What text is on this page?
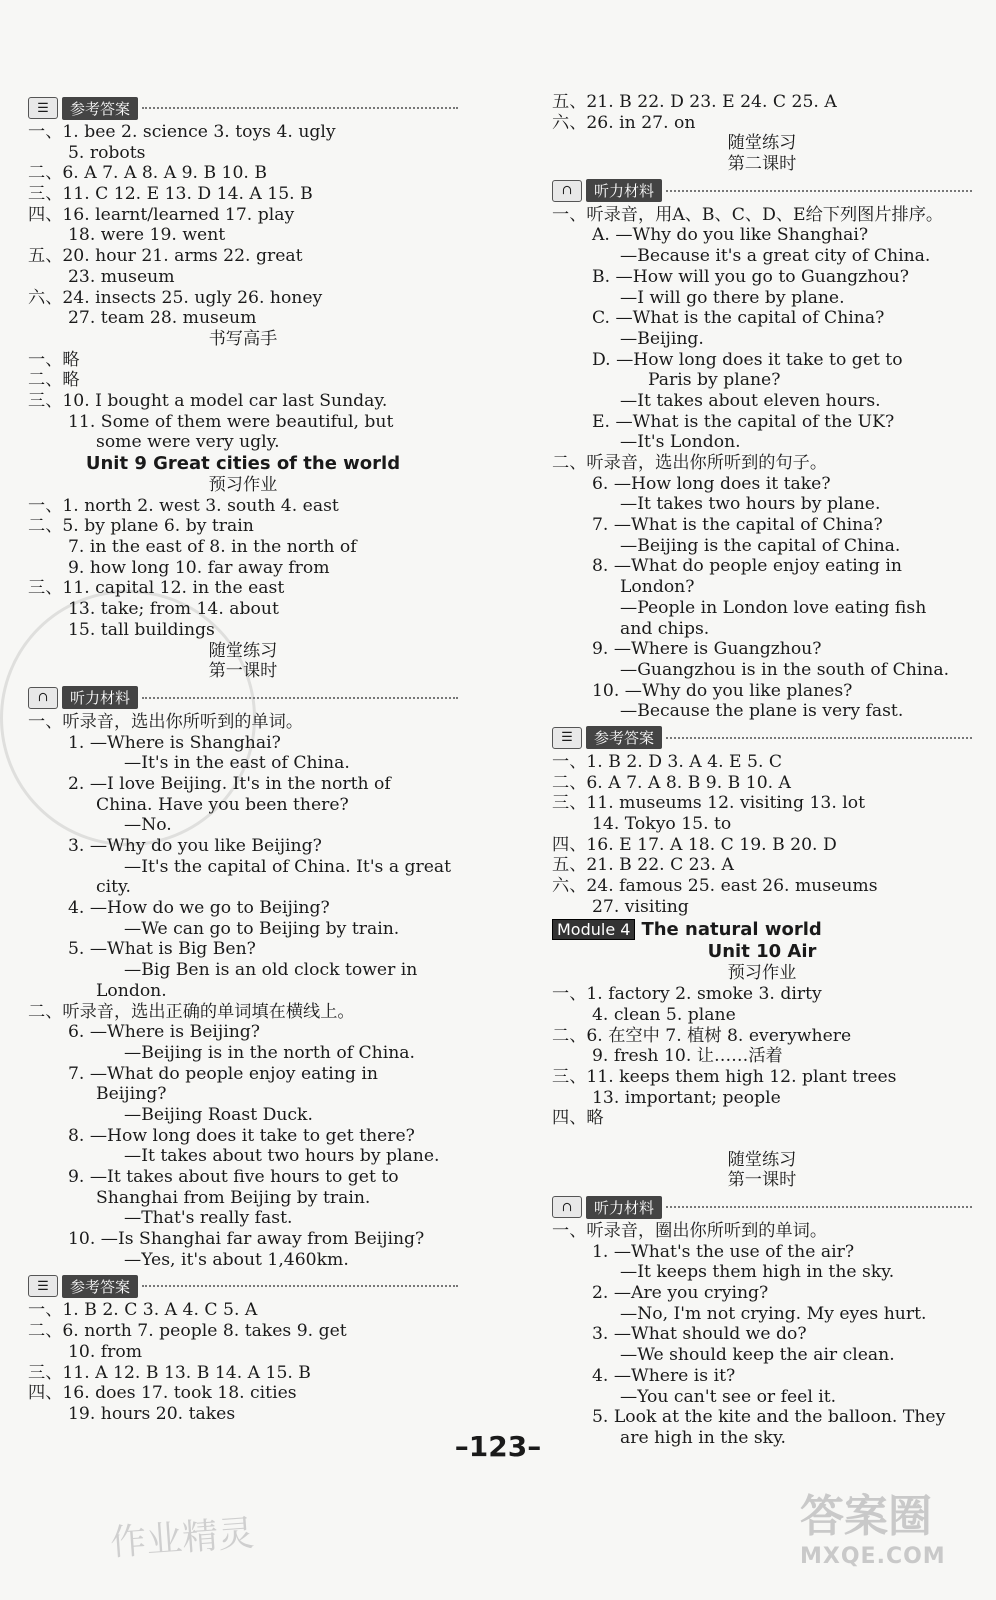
☰	参考答案
一、1. bee 2. science 3. toys 4. ugly
5. robots
二、6. A 7. A 8. A 9. B 10. B
三、11. C 12. E 13. D 14. A 15. B
四、16. learnt/learned 17. play
18. were 19. went
五、20. hour 21. arms 22. great
23. museum
六、24. insects 25. ugly 26. honey
27. team 28. museum
书写高手
一、略
二、略
三、10. I bought a model car last Sunday.
11. Some of them were beautiful, but
some were very ugly.
Unit 9 Great cities of the world
预习作业
一、1. north 2. west 3. south 4. east
二、5. by plane 6. by train
7. in the east of 8. in the north of
9. how long 10. far away from
三、11. capital 12. in the east
13. take; from 14. about
15. tall buildings
随堂练习
第一课时
∩	听力材料
一、听录音，选出你所听到的单词。
1. —Where is Shanghai?
—It's in the east of China.
2. —I love Beijing. It's in the north of
China. Have you been there?
—No.
3. —Why do you like Beijing?
—It's the capital of China. It's a great
city.
4. —How do we go to Beijing?
—We can go to Beijing by train.
5. —What is Big Ben?
—Big Ben is an old clock tower in
London.
二、听录音，选出正确的单词填在横线上。
6. —Where is Beijing?
—Beijing is in the north of China.
7. —What do people enjoy eating in
Beijing?
—Beijing Roast Duck.
8. —How long does it take to get there?
—It takes about two hours by plane.
9. —It takes about five hours to get to
Shanghai from Beijing by train.
—That's really fast.
10. —Is Shanghai far away from Beijing?
—Yes, it's about 1,460km.
☰	参考答案
一、1. B 2. C 3. A 4. C 5. A
二、6. north 7. people 8. takes 9. get
10. from
三、11. A 12. B 13. B 14. A 15. B
四、16. does 17. took 18. cities
19. hours 20. takes
五、21. B 22. D 23. E 24. C 25. A
六、26. in 27. on
随堂练习
第二课时
∩	听力材料
一、听录音，用A、B、C、D、E给下列图片排序。
A. —Why do you like Shanghai?
—Because it's a great city of China.
B. —How will you go to Guangzhou?
—I will go there by plane.
C. —What is the capital of China?
—Beijing.
D. —How long does it take to get to
Paris by plane?
—It takes about eleven hours.
E. —What is the capital of the UK?
—It's London.
二、听录音，选出你所听到的句子。
6. —How long does it take?
—It takes two hours by plane.
7. —What is the capital of China?
—Beijing is the capital of China.
8. —What do people enjoy eating in
London?
—People in London love eating fish
and chips.
9. —Where is Guangzhou?
—Guangzhou is in the south of China.
10. —Why do you like planes?
—Because the plane is very fast.
☰	参考答案
一、1. B 2. D 3. A 4. E 5. C
二、6. A 7. A 8. B 9. B 10. A
三、11. museums 12. visiting 13. lot
14. Tokyo 15. to
四、16. E 17. A 18. C 19. B 20. D
五、21. B 22. C 23. A
六、24. famous 25. east 26. museums
27. visiting
Module 4 The natural world
Unit 10 Air
预习作业
一、1. factory 2. smoke 3. dirty
4. clean 5. plane
二、6. 在空中 7. 植树 8. everywhere
9. fresh 10. 让……活着
三、11. keeps them high 12. plant trees
13. important; people
四、略
随堂练习
第一课时
∩	听力材料
一、听录音，圈出你所听到的单词。
1. —What's the use of the air?
—It keeps them high in the sky.
2. —Are you crying?
—No, I'm not crying. My eyes hurt.
3. —What should we do?
—We should keep the air clean.
4. —Where is it?
—You can't see or feel it.
5. Look at the kite and the balloon. They
are high in the sky.
–123–
作业精灵	答案圈
MXQE.COM
